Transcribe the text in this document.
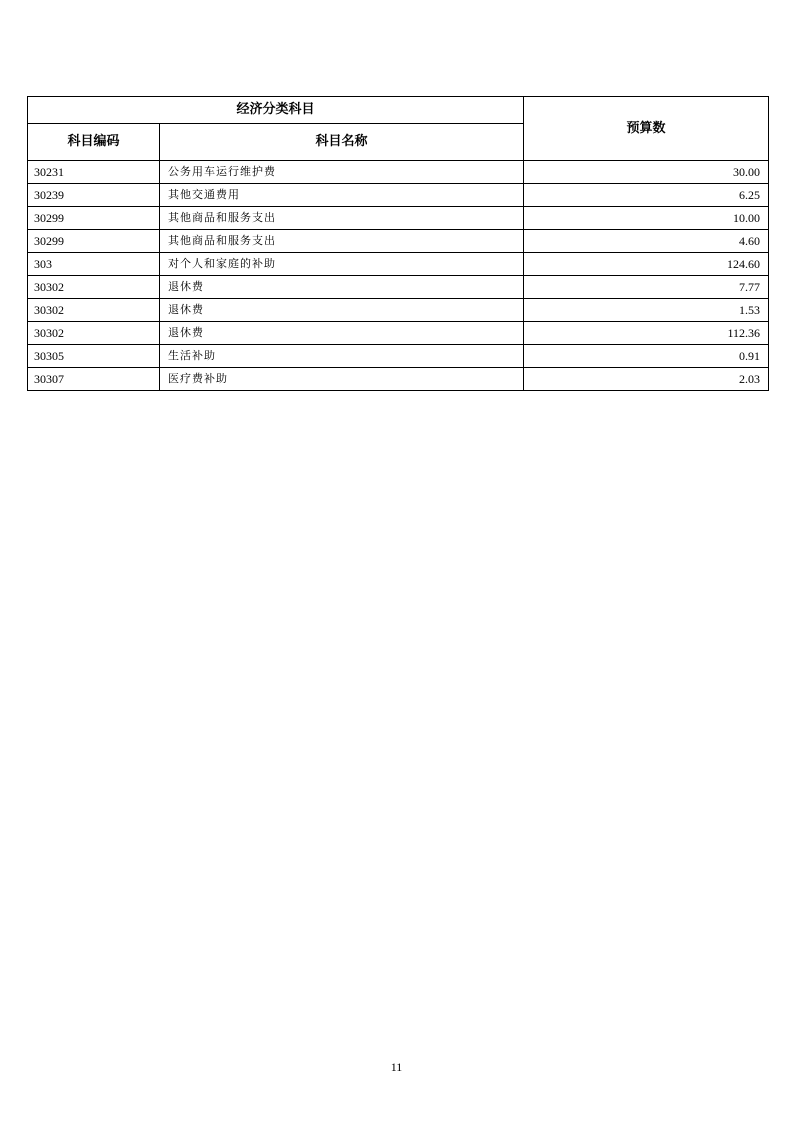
经济分类科目		预算数
科目编码	科目名称	
30231	公务用车运行维护费	30.00
30239	其他交通费用	6.25
30299	其他商品和服务支出	10.00
30299	其他商品和服务支出	4.60
303	对个人和家庭的补助	124.60
30302	退休费	7.77
30302	退休费	1.53
30302	退休费	112.36
30305	生活补助	0.91
30307	医疗费补助	2.03
11
